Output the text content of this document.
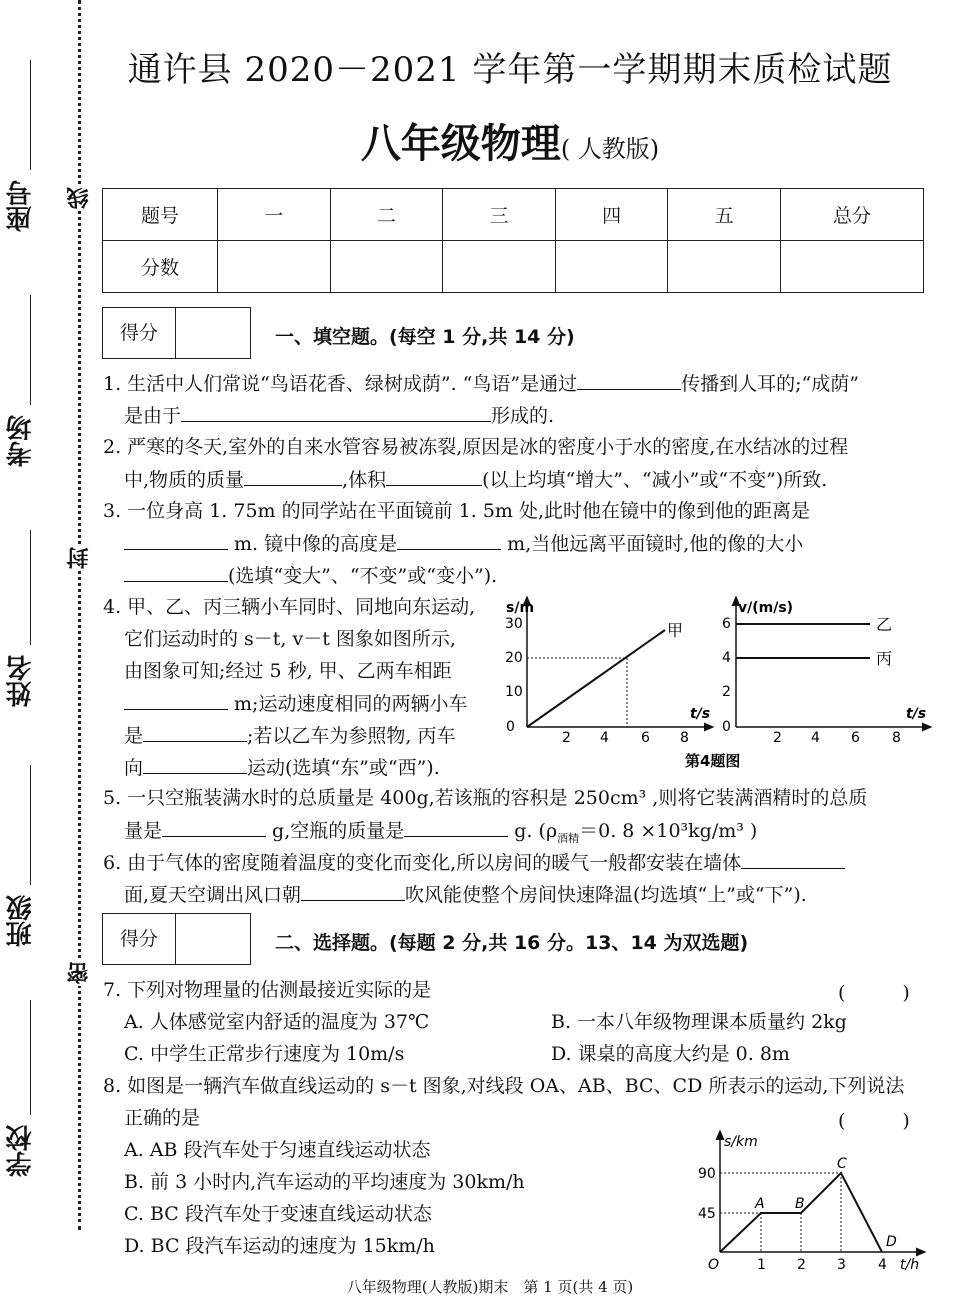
座号
考场
姓名
班级
学校
线
封
密
通许县 2020－2021 学年第一学期期末质检试题
八年级物理( 人教版)
题号	一	二	三	四	五	总分
分数						
得分	一、填空题。(每空 1 分,共 14 分)
1. 生活中人们常说“鸟语花香、绿树成荫”. “鸟语”是通过	传播到人耳的;“成荫”
是由于	形成的.
2. 严寒的冬天,室外的自来水管容易被冻裂,原因是冰的密度小于水的密度,在水结冰的过程
中,物质的质量	,体积	(以上均填“增大”、“减小”或“不变”)所致.
3. 一位身高 1. 75m 的同学站在平面镜前 1. 5m 处,此时他在镜中的像到他的距离是
m. 镜中像的高度是	m,当他远离平面镜时,他的像的大小
(选填“变大”、“不变”或“变小”).
4. 甲、乙、丙三辆小车同时、同地向东运动,
它们运动时的 s－t, v－t 图象如图所示,
由图象可知;经过 5 秒, 甲、乙两车相距
m;运动速度相同的两辆小车
是	;若以乙车为参照物, 丙车
向	运动(选填“东”或“西”).
s/m
t/s
0
10
20
30
2 4 6 8
甲
v/(m/s)
t/s
0
2
4
6
2 4 6 8
乙
丙
第4题图
5. 一只空瓶装满水时的总质量是 400g,若该瓶的容积是 250cm³ ,则将它装满酒精时的总质
量是	g,空瓶的质量是	g. ($\rho_{酒精}=0$. 8 ×10³kg/m³ )
6. 由于气体的密度随着温度的变化而变化,所以房间的暖气一般都安装在墙体
面,夏天空调出风口朝	吹风能使整个房间快速降温(均选填“上”或“下”).
得分	二、选择题。(每题 2 分,共 16 分。13、14 为双选题)
7. 下列对物理量的估测最接近实际的是	(　　　)
A. 人体感觉室内舒适的温度为 37℃	B. 一本八年级物理课本质量约 2kg
C. 中学生正常步行速度为 10m/s	D. 课桌的高度大约是 0. 8m
8. 如图是一辆汽车做直线运动的 s－t 图象,对线段 OA、AB、BC、CD 所表示的运动,下列说法
正确的是	(　　　)
A. AB 段汽车处于匀速直线运动状态
B. 前 3 小时内,汽车运动的平均速度为 30km/h
C. BC 段汽车处于变速直线运动状态
D. BC 段汽车运动的速度为 15km/h
s/km
t/h
45
90
1 2 3 4
O
A B
C
D
八年级物理(人教版)期末　第 1 页(共 4 页)
